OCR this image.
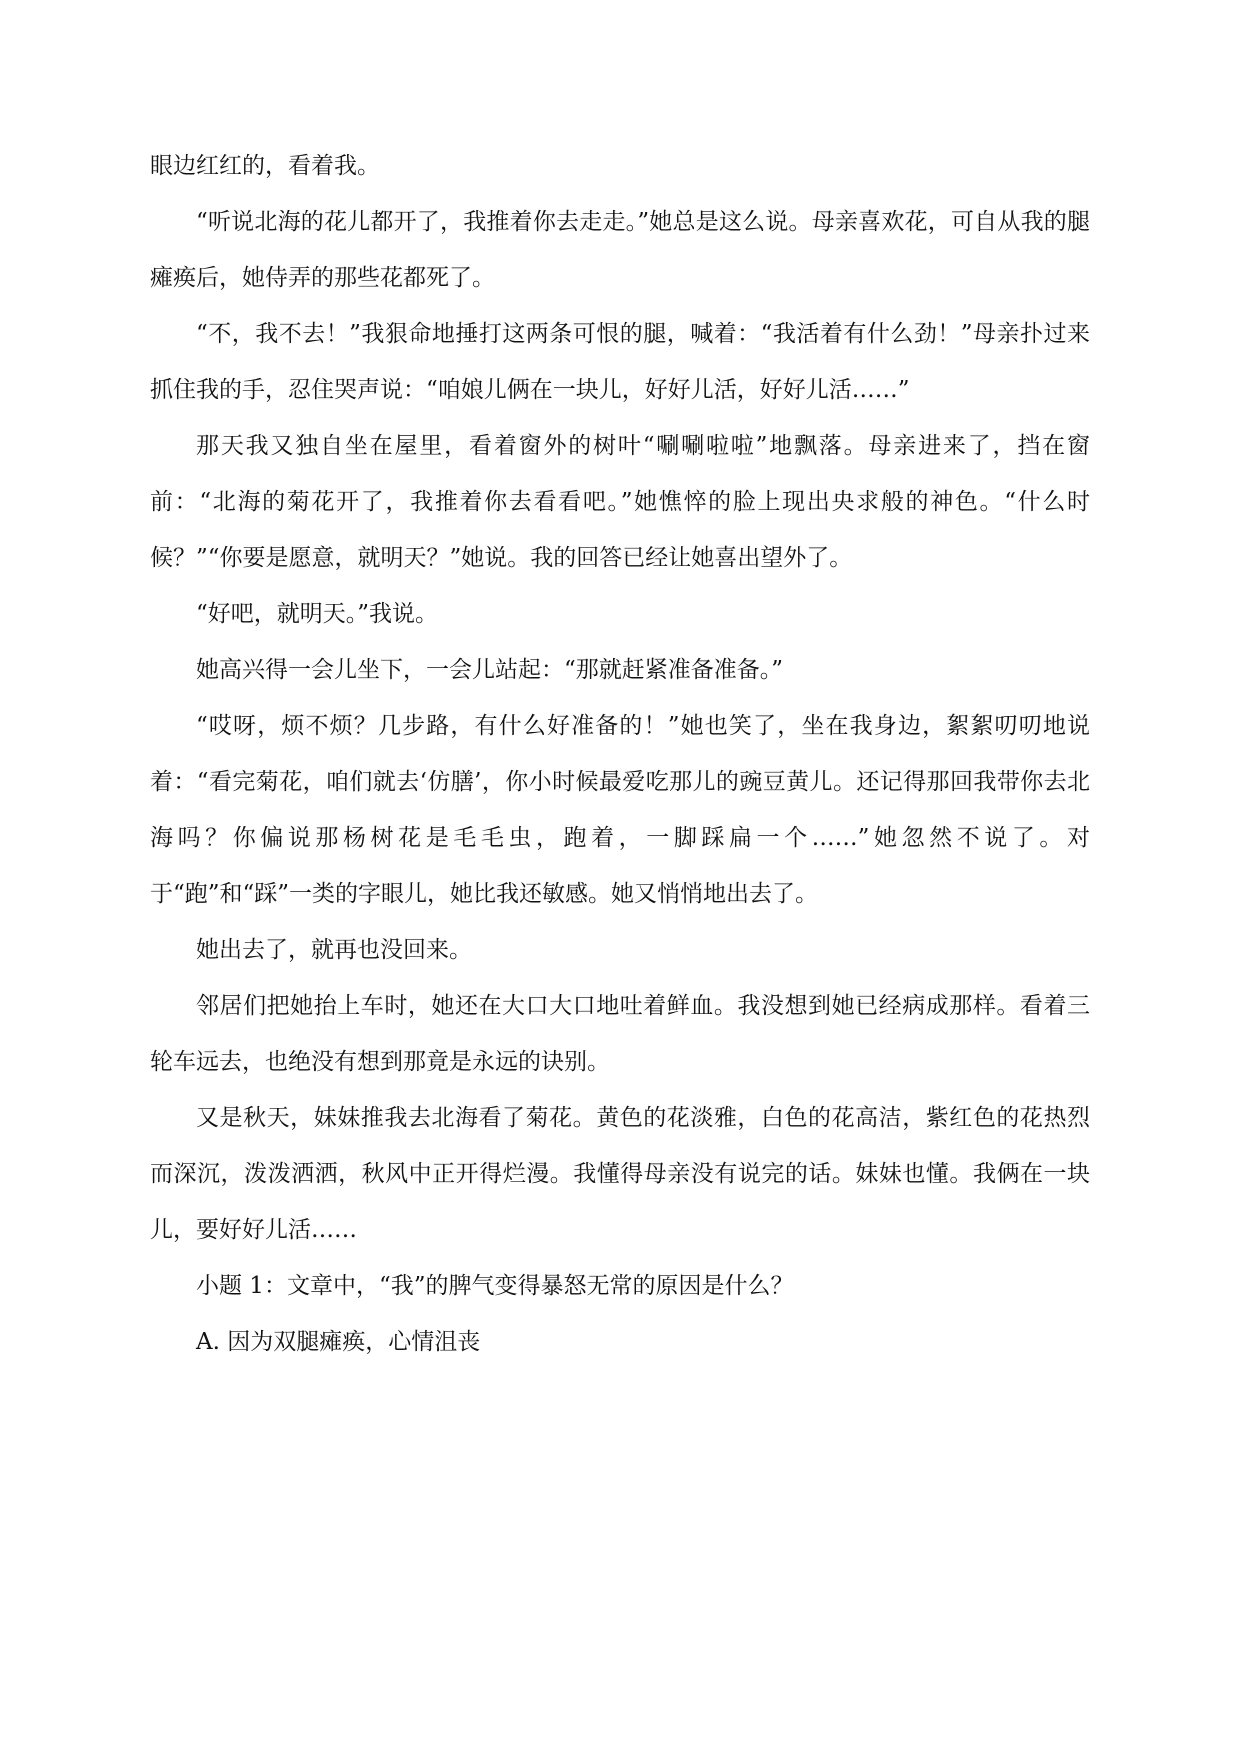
眼边红红的，看着我。

“听说北海的花儿都开了，我推着你去走走。”她总是这么说。母亲喜欢花，可自从我的腿瘫痪后，她侍弄的那些花都死了。

“不，我不去！”我狠命地捶打这两条可恨的腿，喊着：“我活着有什么劲！”母亲扑过来抓住我的手，忍住哭声说：“咱娘儿俩在一块儿，好好儿活，好好儿活……”

那天我又独自坐在屋里，看着窗外的树叶“唰唰啦啦”地飘落。母亲进来了，挡在窗前：“北海的菊花开了，我推着你去看看吧。”她憔悴的脸上现出央求般的神色。“什么时候？”“你要是愿意，就明天？”她说。我的回答已经让她喜出望外了。

“好吧，就明天。”我说。

她高兴得一会儿坐下，一会儿站起：“那就赶紧准备准备。”

“哎呀，烦不烦？几步路，有什么好准备的！”她也笑了，坐在我身边，絮絮叨叨地说着：“看完菊花，咱们就去‘仿膳’，你小时候最爱吃那儿的豌豆黄儿。还记得那回我带你去北海吗？你偏说那杨树花是毛毛虫，跑着，一脚踩扁一个……”她忽然不说了。对于“跑”和“踩”一类的字眼儿，她比我还敏感。她又悄悄地出去了。

她出去了，就再也没回来。

邻居们把她抬上车时，她还在大口大口地吐着鲜血。我没想到她已经病成那样。看着三轮车远去，也绝没有想到那竟是永远的诀别。

又是秋天，妹妹推我去北海看了菊花。黄色的花淡雅，白色的花高洁，紫红色的花热烈而深沉，泼泼洒洒，秋风中正开得烂漫。我懂得母亲没有说完的话。妹妹也懂。我俩在一块儿，要好好儿活……

小题 1：文章中，“我”的脾气变得暴怒无常的原因是什么？

A. 因为双腿瘫痪，心情沮丧
